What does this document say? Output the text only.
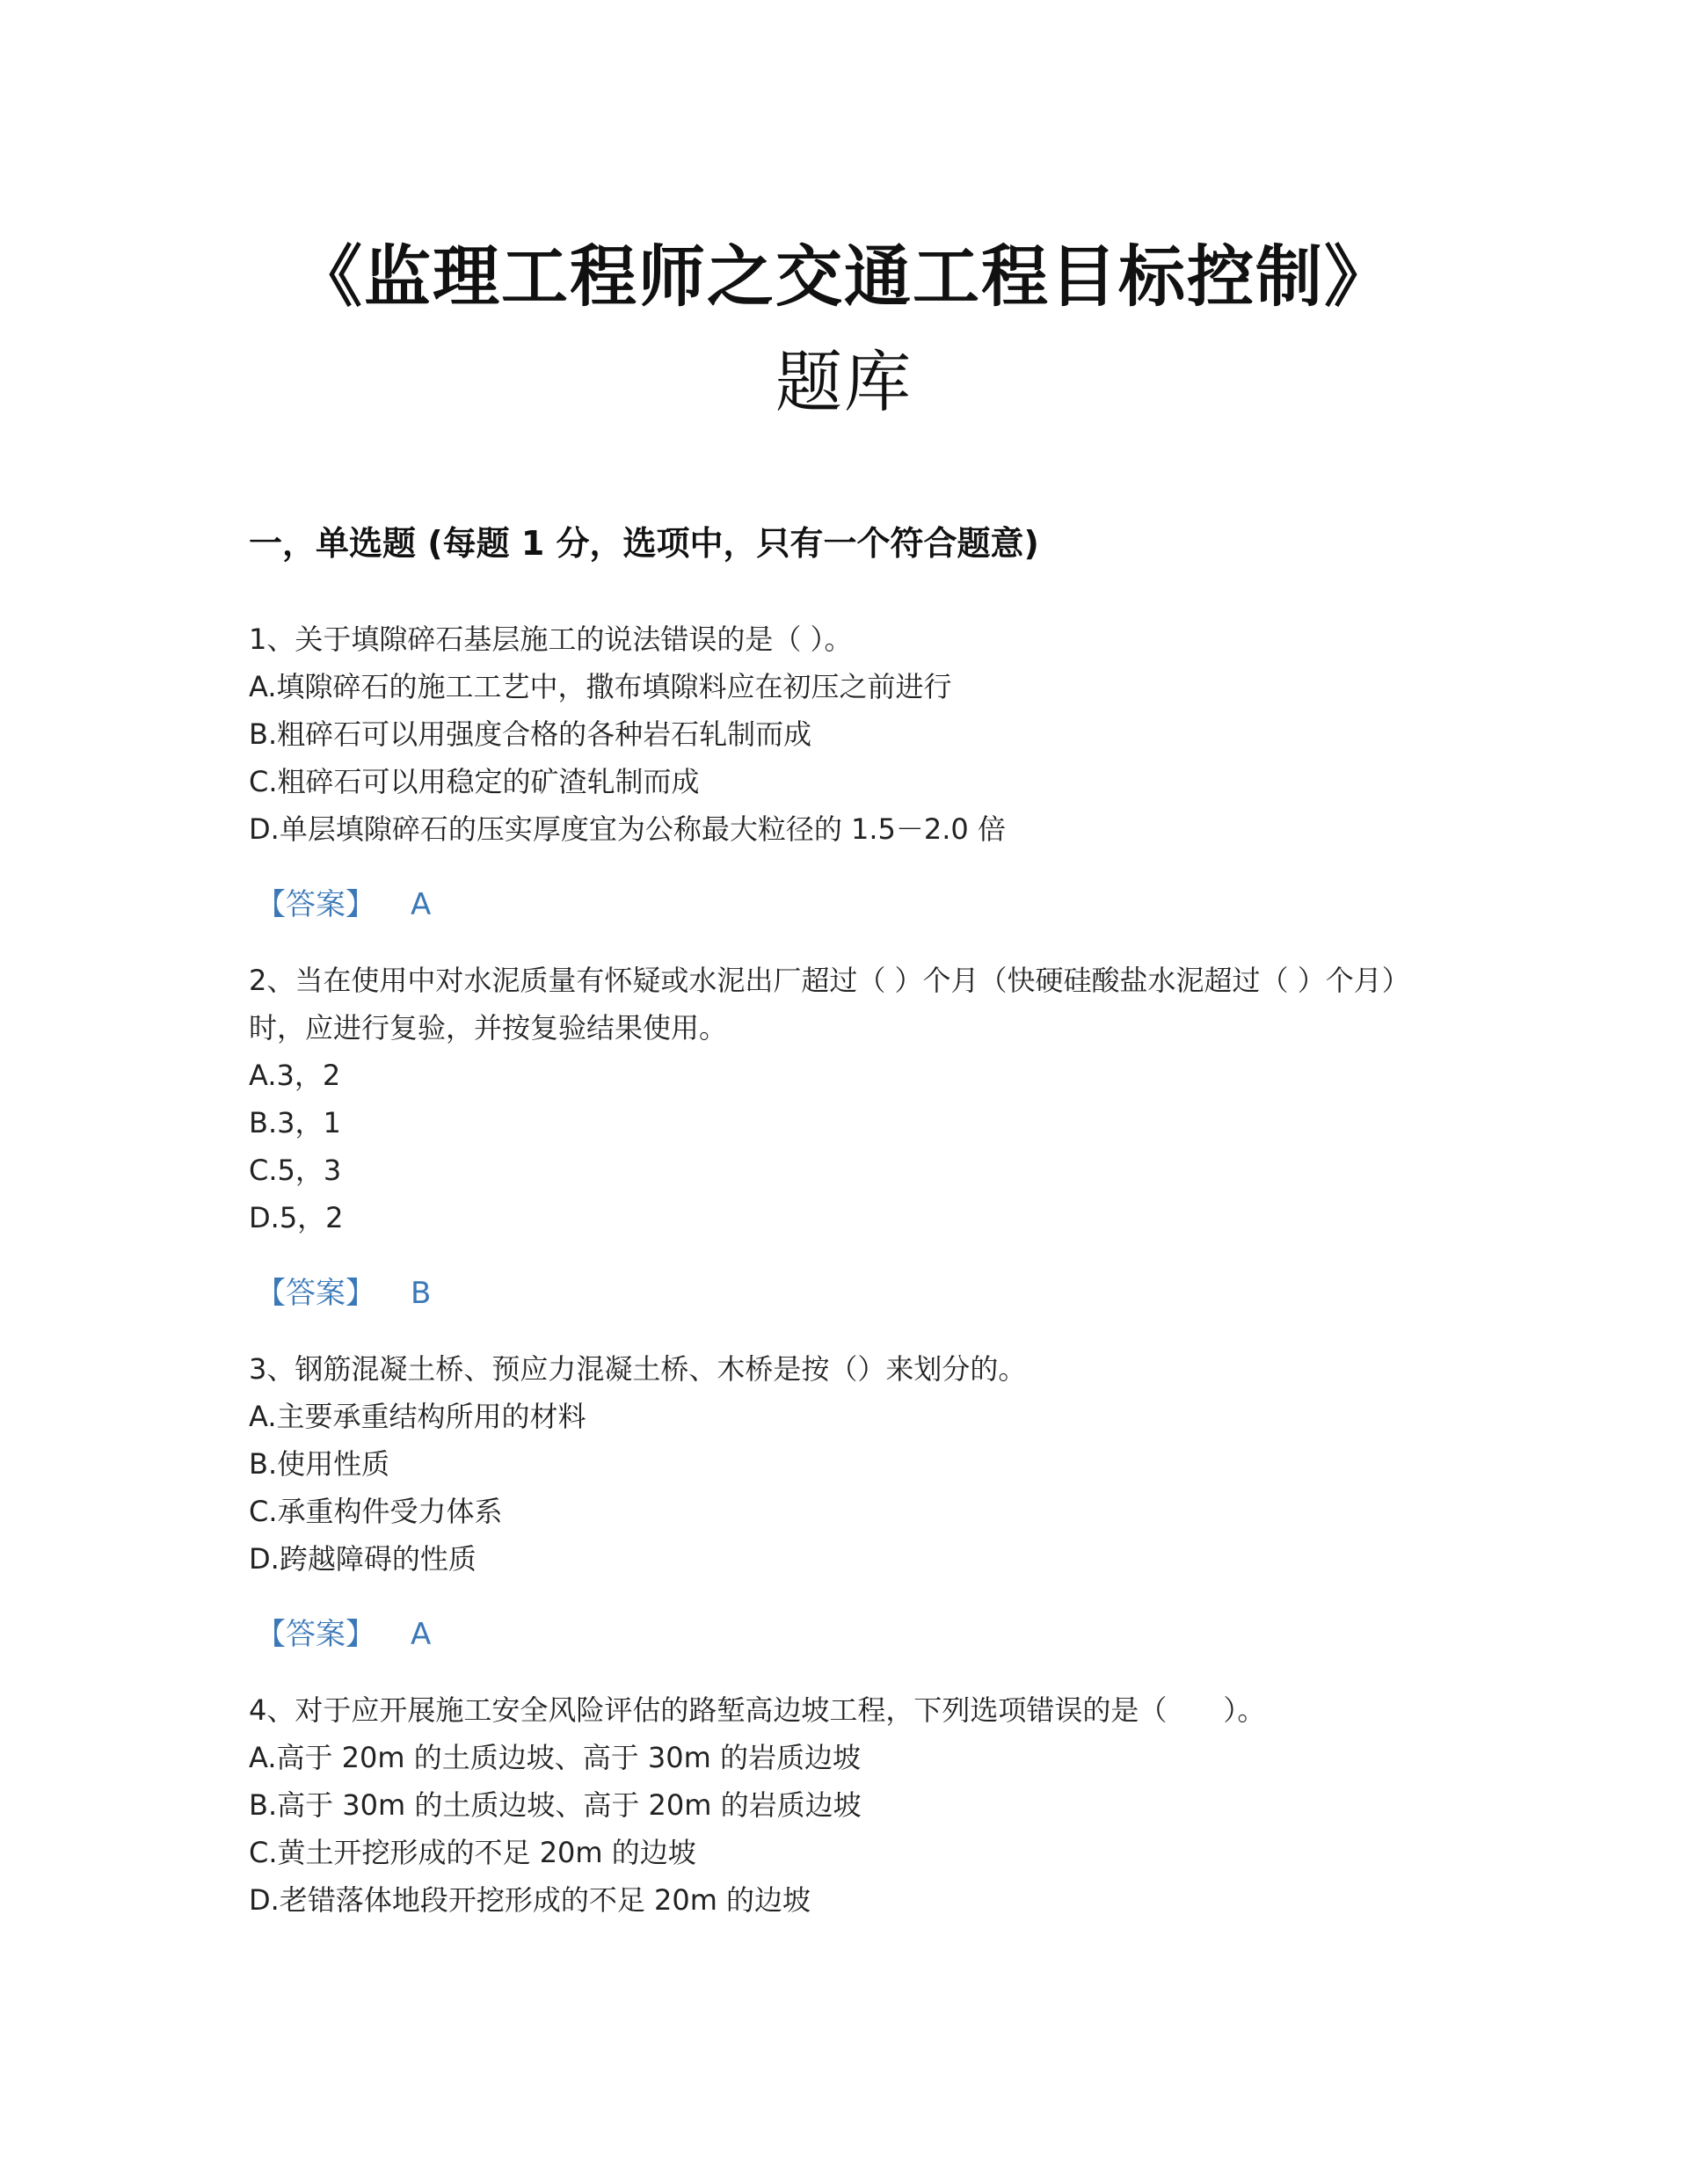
《监理工程师之交通工程目标控制》
题库
一，单选题 (每题 1 分，选项中，只有一个符合题意)
1、关于填隙碎石基层施工的说法错误的是（ ）。
A.填隙碎石的施工工艺中，撒布填隙料应在初压之前进行
B.粗碎石可以用强度合格的各种岩石轧制而成
C.粗碎石可以用稳定的矿渣轧制而成
D.单层填隙碎石的压实厚度宜为公称最大粒径的 1.5－2.0 倍
【答案】 A
2、当在使用中对水泥质量有怀疑或水泥出厂超过（ ）个月（快硬硅酸盐水泥超过（ ）个月）时，应进行复验，并按复验结果使用。
A.3，2
B.3，1
C.5，3
D.5，2
【答案】 B
3、钢筋混凝土桥、预应力混凝土桥、木桥是按（）来划分的。
A.主要承重结构所用的材料
B.使用性质
C.承重构件受力体系
D.跨越障碍的性质
【答案】 A
4、对于应开展施工安全风险评估的路堑高边坡工程，下列选项错误的是（　　）。
A.高于 20m 的土质边坡、高于 30m 的岩质边坡
B.高于 30m 的土质边坡、高于 20m 的岩质边坡
C.黄土开挖形成的不足 20m 的边坡
D.老错落体地段开挖形成的不足 20m 的边坡
